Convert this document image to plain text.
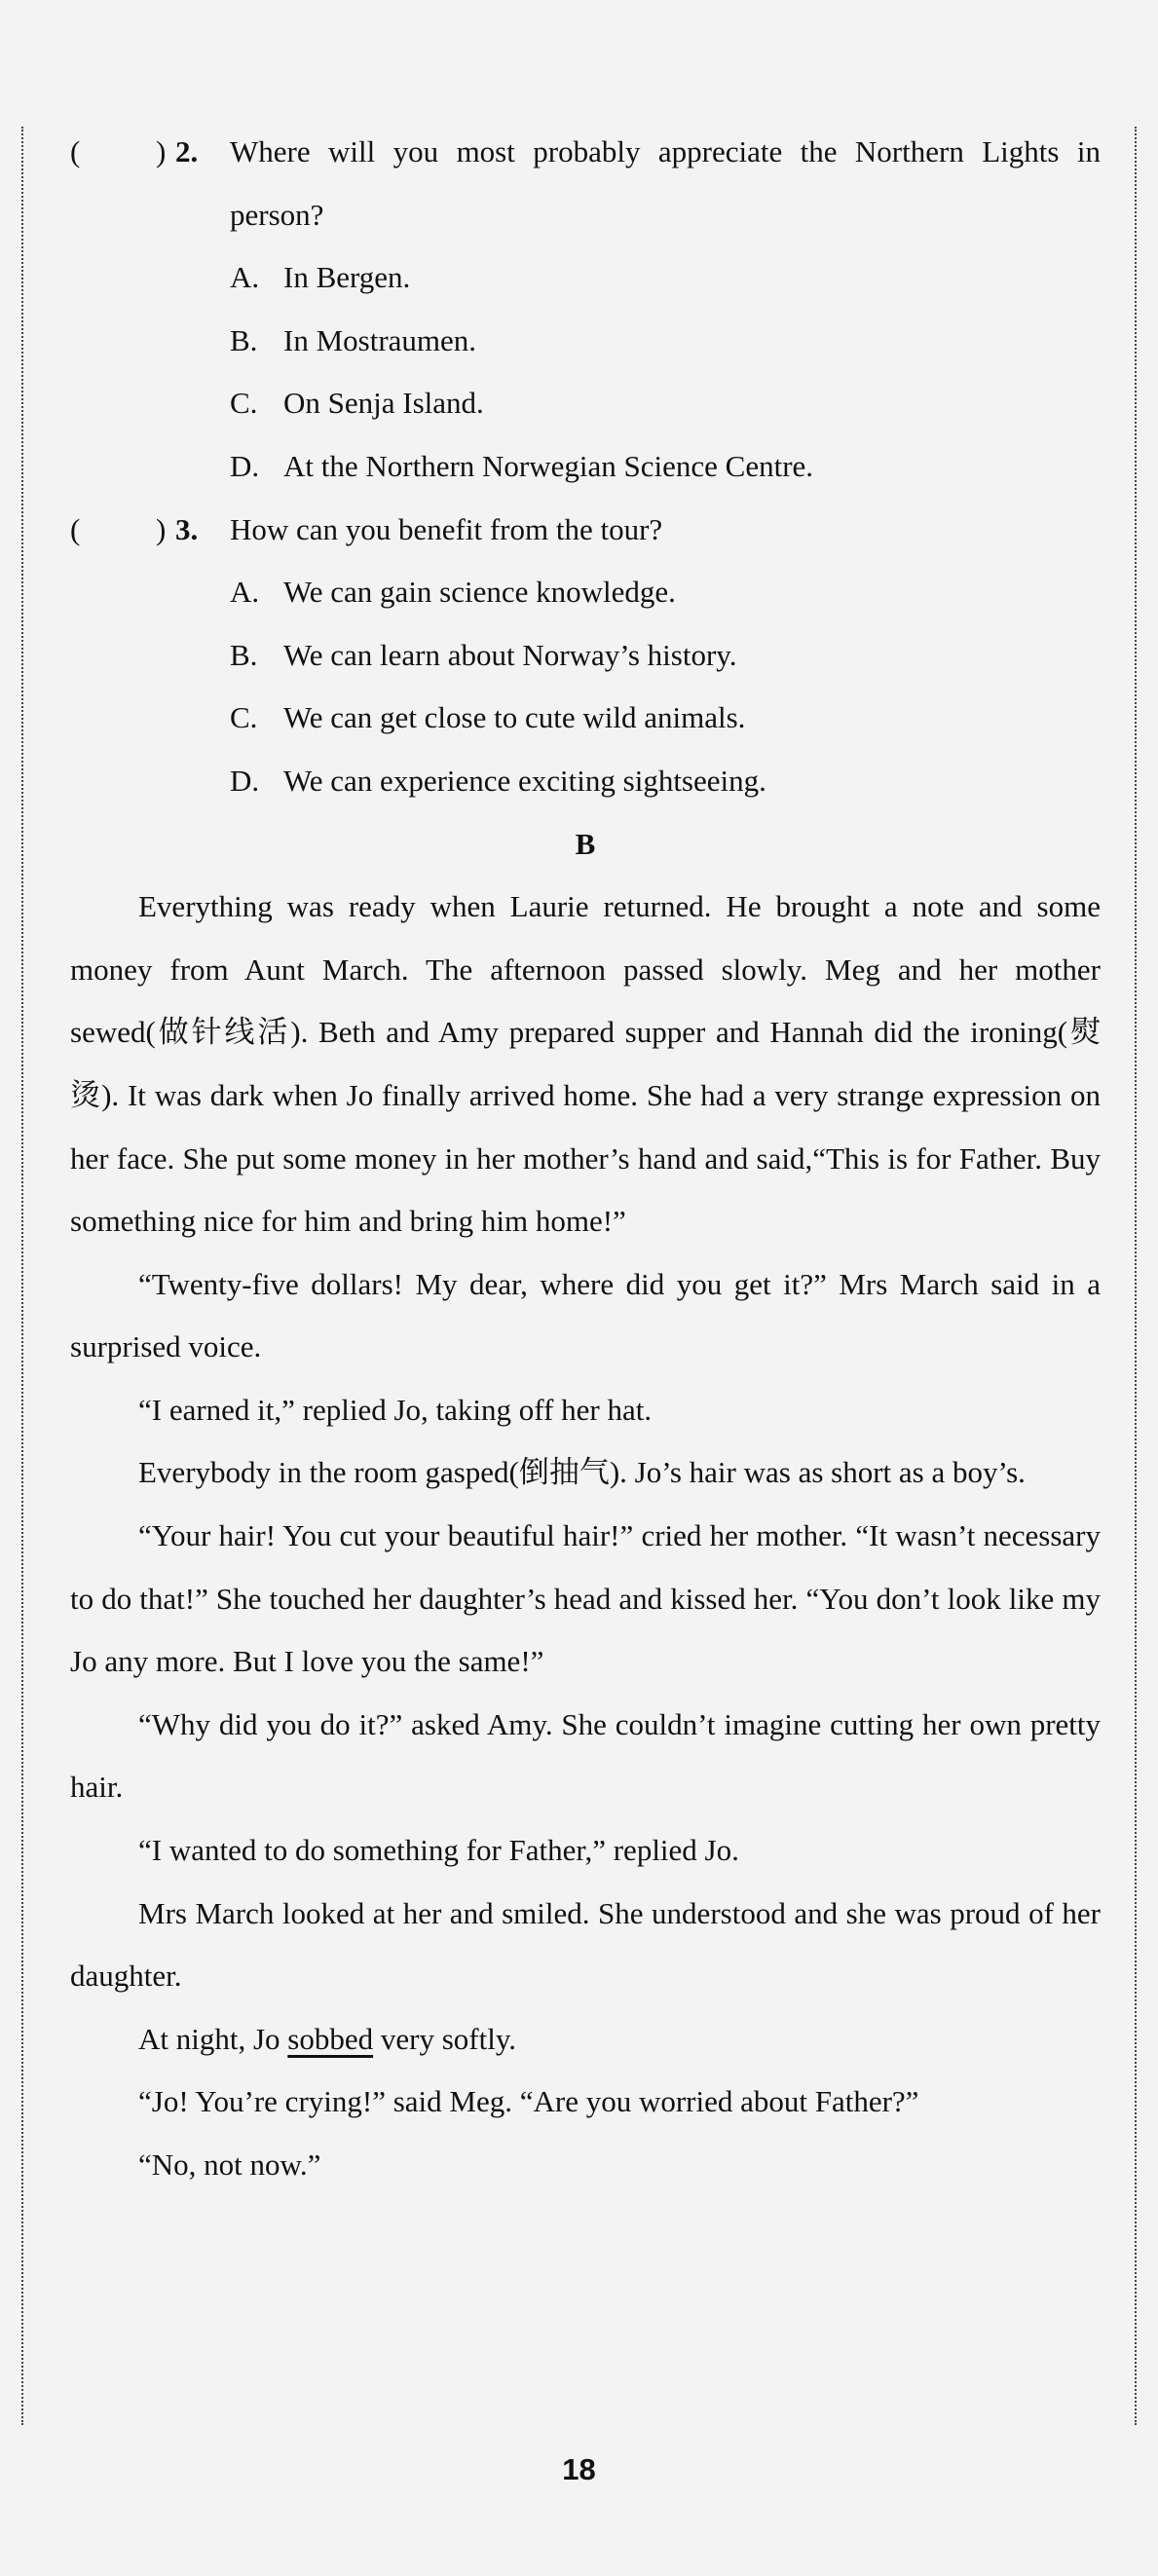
(	) 2. Where will you most probably appreciate the Northern Lights in person?
A. In Bergen.
B. In Mostraumen.
C. On Senja Island.
D. At the Northern Norwegian Science Centre.
(	) 3. How can you benefit from the tour?
A. We can gain science knowledge.
B. We can learn about Norway’s history.
C. We can get close to cute wild animals.
D. We can experience exciting sightseeing.
B

Everything was ready when Laurie returned. He brought a note and some money from Aunt March. The afternoon passed slowly. Meg and her mother sewed(做针线活). Beth and Amy prepared supper and Hannah did the ironing(熨烫). It was dark when Jo finally arrived home. She had a very strange expression on her face. She put some money in her mother’s hand and said,“This is for Father. Buy something nice for him and bring him home!”

“Twenty-five dollars! My dear, where did you get it?” Mrs March said in a surprised voice.

“I earned it,” replied Jo, taking off her hat.

Everybody in the room gasped(倒抽气). Jo’s hair was as short as a boy’s.

“Your hair! You cut your beautiful hair!” cried her mother. “It wasn’t necessary to do that!” She touched her daughter’s head and kissed her. “You don’t look like my Jo any more. But I love you the same!”

“Why did you do it?” asked Amy. She couldn’t imagine cutting her own pretty hair.

“I wanted to do something for Father,” replied Jo.

Mrs March looked at her and smiled. She understood and she was proud of her daughter.

At night, Jo sobbed very softly.

“Jo! You’re crying!” said Meg. “Are you worried about Father?”

“No, not now.”

18
